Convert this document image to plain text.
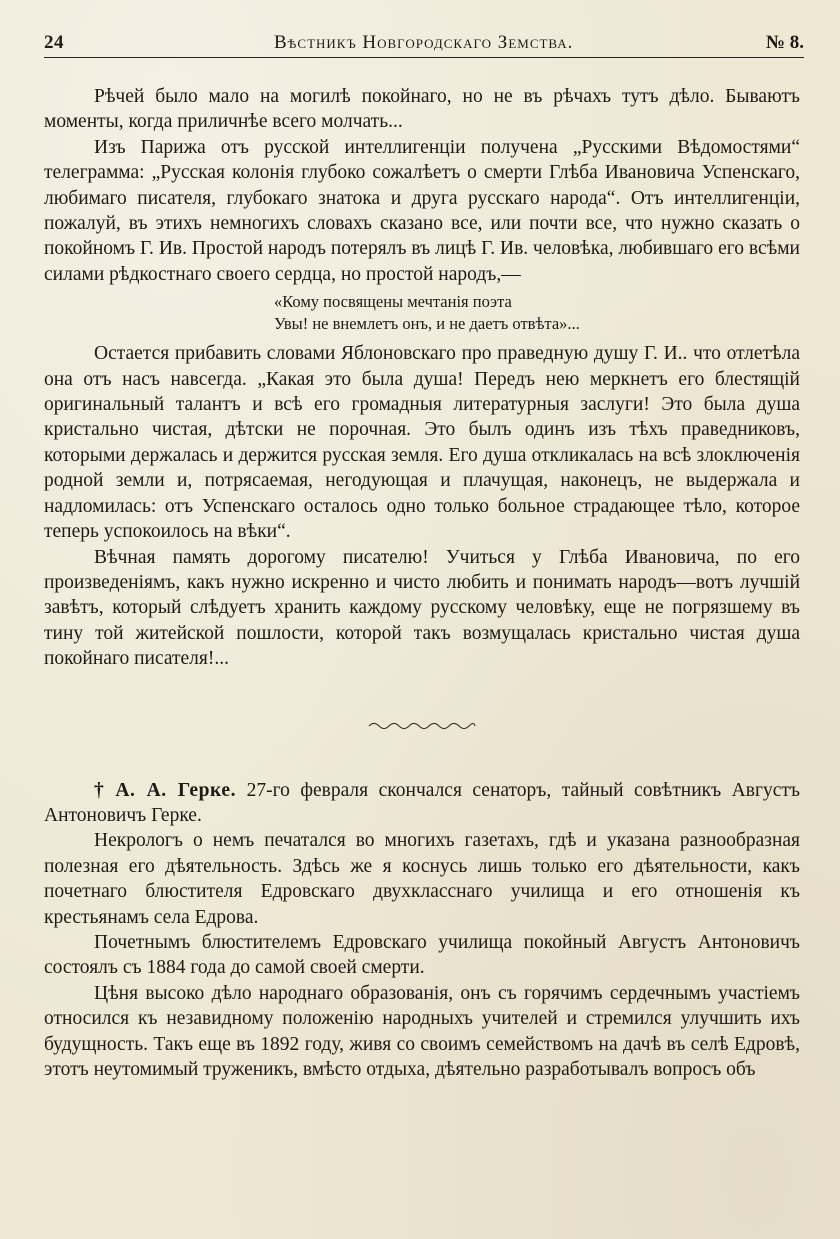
24	Вѣстникъ Новгородскаго Земства.	№ 8.

Рѣчей было мало на могилѣ покойнаго, но не въ рѣчахъ тутъ дѣло. Бываютъ моменты, когда приличнѣе всего молчать...

Изъ Парижа отъ русской интеллигенціи получена „Русскими Вѣдомостями“ телеграмма: „Русская колонія глубоко сожалѣетъ о смерти Глѣба Ивановича Успенскаго, любимаго писателя, глубокаго знатока и друга русскаго народа“. Отъ интеллигенціи, пожалуй, въ этихъ немногихъ словахъ сказано все, или почти все, что нужно сказать о покойномъ Г. Ив. Простой народъ потерялъ въ лицѣ Г. Ив. человѣка, любившаго его всѣми силами рѣдкостнаго своего сердца, но простой народъ,—

«Кому посвящены мечтанія поэта
Увы! не внемлетъ онъ, и не даетъ отвѣта»...

Остается прибавить словами Яблоновскаго про праведную душу Г. И.. что отлетѣла она отъ насъ навсегда. „Какая это была душа! Передъ нею меркнетъ его блестящій оригинальный талантъ и всѣ его громадныя литературныя заслуги! Это была душа кристально чистая, дѣтски не порочная. Это былъ одинъ изъ тѣхъ праведниковъ, которыми держалась и держится русская земля. Его душа откликалась на всѣ злоключенія родной земли и, потрясаемая, негодующая и плачущая, наконецъ, не выдержала и надломилась: отъ Успенскаго осталось одно только больное страдающее тѣло, которое теперь успокоилось на вѣки“.

Вѣчная память дорогому писателю! Учиться у Глѣба Ивановича, по его произведеніямъ, какъ нужно искренно и чисто любить и понимать народъ—вотъ лучшій завѣтъ, который слѣдуетъ хранить каждому русскому человѣку, еще не погрязшему въ тину той житейской пошлости, которой такъ возмущалась кристально чистая душа покойнаго писателя!...

† А. А. Герке. 27-го февраля скончался сенаторъ, тайный совѣтникъ Августъ Антоновичъ Герке.

Некрологъ о немъ печатался во многихъ газетахъ, гдѣ и указана разнообразная полезная его дѣятельность. Здѣсь же я коснусь лишь только его дѣятельности, какъ почетнаго блюстителя Едровскаго двухкласснаго училища и его отношенія къ крестьянамъ села Едрова.

Почетнымъ блюстителемъ Едровскаго училища покойный Августъ Антоновичъ состоялъ съ 1884 года до самой своей смерти.

Цѣня высоко дѣло народнаго образованія, онъ съ горячимъ сердечнымъ участіемъ относился къ незавидному положенію народныхъ учителей и стремился улучшить ихъ будущность. Такъ еще въ 1892 году, живя со своимъ семействомъ на дачѣ въ селѣ Едровѣ, этотъ неутомимый труженикъ, вмѣсто отдыха, дѣятельно разработывалъ вопросъ объ
